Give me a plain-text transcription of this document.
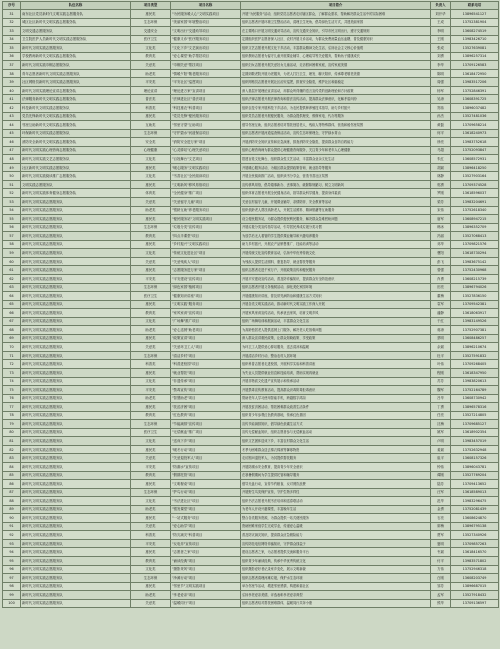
序号	队伍名称	项目类型	项目名称	项目简介	负责人	联系电话
31	南东社区党员新时代文明实践志愿服务队	惠民类	"为民服务暖人心"文明实践项目	开展"为民服务"活动，组织党员志愿者走访辖区群众，了解群众需求，帮助解决群众生活中的实际困难	刘开华	13896541127
32	城区社区新时代文明实践志愿服务队	生态环保	"美丽家园"环境整治项目	组织志愿者开展环境卫生整治活动，清理卫生死角，倡导绿色生活方式，共建美丽家园	王成	13752381904
33	文明交通志愿服务队	交通安全	"文明出行"交通劝导项目	在主要路口开展文明交通劝导活动，宣传交通安全知识，引导市民文明出行，遵守交通规则	李明	13608274519
34	卫生院医护人员新时代文明实践志愿服务队	医疗卫生	"健康义诊"医疗服务项目	定期组织医护志愿者深入社区、农村开展义诊活动，为群众免费测量血压血糖，普及健康知识	王刚	13983426710
35	新时代文明实践志愿服务队	文化类	"文化下乡"文艺演出项目	组织文艺志愿者开展文化下乡活动，丰富群众精神文化生活，弘扬社会主义核心价值观	张成	13527639081
36	学校教师新时代文明实践志愿服务队	教育类	"爱心课堂"助学帮扶项目	组织教师志愿者为留守儿童开展课业辅导、心理疏导等关爱服务，帮助孩子健康成长	刘勇	13896257314
37	新时代文明实践巾帼志愿服务队	关爱类	"巾帼关爱"帮扶项目	组织妇女志愿者开展关爱妇女儿童活动，走访慰问困难家庭，宣传家庭美德	李华	13709126583
38	青年志愿者新时代文明实践志愿服务队	助老类	"情暖夕阳"敬老服务项目	定期到敬老院开展为老服务，为老人打扫卫生、理发、聊天陪伴，传承尊老敬老美德	陈明	13618472950
39	社区网格员新时代文明实践志愿服务队	平安类	"平安社区"巡逻项目	组织网格员志愿者开展社区治安巡逻，排查安全隐患，维护社区和谐稳定	周强	13983517206
40	新时代文明实践理论宣讲志愿服务队	理论宣讲	"理论进万家"宣讲项目	深入基层开展理论宣讲活动，用群众听得懂的语言宣传党的创新理论和方针政策	杨军	13752846391
41	法律服务新时代文明实践志愿服务队	普法类	"法律进社区"普法项目	组织法律志愿者开展法律咨询和普法宣传活动，提高群众法律意识，化解矛盾纠纷	吴涛	13608391725
42	科技新时代文明实践志愿服务队	科普类	"科技惠农"科普项目	组织农技专家开展科技下乡活动，为农民提供种养殖技术指导，助力乡村振兴	郑伟	13896037482
43	党员先锋新时代文明实践志愿服务队	惠民类	"党员先锋"便民服务项目	组织党员志愿者开展便民服务，为群众提供理发、维修家电、代办等服务	孙杰	13527481036
44	邻里互助新时代文明实践志愿服务队	互助类	"邻里守望"互助项目	倡导邻里互助，组织志愿者结对帮扶独居老人、残疾人等特殊群体，营造和睦邻里氛围	黄磊	13709658214
45	环保新时代文明实践志愿服务队	生态环保	"守护碧水"河道保洁项目	组织志愿者开展河道巡查保洁活动，宣传生态环保理念，守护绿水青山	何平	13618240973
46	消防安全新时代文明实践志愿服务队	安全类	"消防安全进万家"项目	开展消防安全知识宣传和应急演练，排查消防安全隐患，提高群众自防自救能力	徐亮	13983752618
47	新时代文明实践心理咨询志愿服务队	心理健康	"心灵驿站"心理关爱项目	组织心理咨询师为群众提供心理健康咨询服务，关注青少年和老年人心理健康	马超	13752093847
48	新时代文明实践文艺志愿服务队	文化类	"百姓舞台"文艺项目	搭建百姓文化舞台，组织群众性文艺活动，丰富群众业余文化生活	朱红	13608572931
49	社区新时代文明实践志愿服务队	惠民类	"暖心服务"文明实践项目	开展暖心服务活动，为辖区群众提供政策咨询、就业指导等服务	胡斌	13896418250
50	新时代文明实践阅读推广志愿服务队	文化类	"书香社区"全民阅读项目	开展全民阅读推广活动，组织读书分享会，营造书香社区氛围	林静	13527903164
51	文明实践志愿服务队	惠民类	"文明新风"移风易俗项目	宣传移风易俗，倡导婚事新办、丧事简办，破除陈规陋习，树立文明新风	郭勇	13709374528
52	新时代文明实践体育健身志愿服务队	体育类	"全民健身"推广项目	组织体育志愿者开展全民健身活动，指导群众科学健身，提高身体素质	罗刚	13618596037
53	新时代文明实践志愿服务队	关爱类	"关爱留守儿童"项目	关爱农村留守儿童，开展课业辅导、亲情陪伴、安全教育等活动	梁芳	13983204691
54	新时代文明实践志愿服务队	助老类	"银龄互助"养老服务项目	组织低龄老人帮扶高龄老人，开展生活照料、精神慰藉等互助服务	宋伟	13752618340
55	新时代文明实践志愿服务队	惠民类	"便民服务站"文明实践项目	设立便民服务站，为群众提供便民利民服务，解决群众急难愁盼问题	唐军	13608947215
56	新时代文明实践志愿服务队	生态环保	"垃圾分类"宣传项目	开展垃圾分类宣传指导活动，引导居民养成垃圾分类习惯	韩冰	13896352709
57	新时代文明实践志愿服务队	教育类	"四点半课堂"项目	为放学后无人看管的学生提供课业辅导和兴趣培养服务	冯丽	13527068413
58	新时代文明实践志愿服务队	惠民类	"乡村振兴"文明实践项目	助力乡村振兴，开展农产品销售推广、技能培训等活动	邓华	13709821576
59	新时代文明实践志愿服务队	文化类	"传统文化进社区"项目	开展传统文化宣传教育活动，弘扬中华优秀传统文化	曹阳	13618730294
60	新时代文明实践志愿服务队	关爱类	"关爱残疾人"项目	为残疾人提供生活照料、康复指导、就业帮扶等服务	彭飞	13983675142
61	新时代文明实践志愿服务队	惠民类	"志愿服务进万家"项目	组织志愿者走进千家万户，开展政策宣传和便民服务	曾强	13752430968
62	新时代文明实践志愿服务队	平安类	"平安建设"宣传项目	开展平安建设宣传活动，普及防诈骗知识，提高群众安全防范意识	肖勇	13608215739
63	新时代文明实践志愿服务队	生态环保	"绿色家园"植树项目	组织志愿者开展义务植树活动，绿化美化家园环境	田亮	13896794026
64	新时代文明实践志愿服务队	医疗卫生	"健康知识讲座"项目	开展健康知识讲座，普及常见病防治和健康生活方式知识	董梅	13527836150
65	新时代文明实践志愿服务队	惠民类	"文明实践"服务项目	开展各类文明实践活动，推动新时代文明实践工作深入开展	袁军	13709542381
66	新时代文明实践志愿服务队	教育类	"家风家训"宣传项目	开展家风家训宣传活动，传承优良家风，培育文明乡风	潘静	13618063917
67	新时代文明实践志愿服务队	文化类	"广场舞"推广项目	组织广场舞培训和展演活动，丰富群众文化生活	于红	13983149526
68	新时代文明实践志愿服务队	助老类	"爱心送餐"助老项目	为高龄独居老人提供送餐上门服务，解决老人吃饭难问题	蒋涛	13752907381
69	新时代文明实践志愿服务队	惠民类	"政策宣讲"项目	深入群众宣讲惠民政策，让群众知晓政策、享受政策	蔡明	13608486257
70	新时代文明实践志愿服务队	关爱类	"关爱环卫工人"项目	为环卫工人提供爱心驿站服务，送去清凉和温暖	余斌	13896210674
71	新时代文明实践志愿服务队	生态环保	"清洁乡村"项目	开展清洁乡村行动，整治农村人居环境	杜平	13527591832
72	新时代文明实践志愿服务队	科普类	"科普进校园"项目	组织科普志愿者走进校园，开展科学实验和科普讲座	叶伟	13709268405
73	新时代文明实践志愿服务队	惠民类	"就业帮扶"项目	为失业人员提供就业信息和技能培训，帮助实现再就业	程刚	13618347950
74	新时代文明实践志愿服务队	文化类	"非遗传承"项目	开展非物质文化遗产宣传展示和传承活动	苏芳	13983820613
75	新时代文明实践志愿服务队	平安类	"禁毒宣传"项目	开展禁毒宣传教育活动，提高群众识毒防毒拒毒意识	魏军	13752164789
76	新时代文明实践志愿服务队	助老类	"智慧助老"项目	帮助老年人学习使用智能手机，跨越数字鸿沟	吕华	13608730942
77	新时代文明实践志愿服务队	惠民类	"扶贫济困"项目	开展扶贫济困活动，帮扶困难群众改善生活条件	丁勇	13896578316
78	新时代文明实践志愿服务队	教育类	"红色教育"项目	组织青少年参观红色教育基地，传承红色基因	任亮	13527214805
79	新时代文明实践志愿服务队	生态环保	"节能减排"宣传项目	宣传节能减排知识，倡导绿色低碳生活方式	沈梅	13709685127
80	新时代文明实践志愿服务队	医疗卫生	"无偿献血"推广项目	宣传无偿献血知识，组织志愿者参与无偿献血活动	姚军	13618902354
81	新时代文明实践志愿服务队	文化类	"送戏下乡"项目	组织文艺团体送戏下乡，丰富农村群众文化生活	卢明	13983457019
82	新时代文明实践志愿服务队	惠民类	"暖冬行动"项目	冬季为困难群众送去棉衣棉被等御寒物资	姜斌	13752632948
83	新时代文明实践志愿服务队	关爱类	"关爱退役军人"项目	走访慰问退役军人，为其提供帮扶服务	崔平	13608157326
84	新时代文明实践志愿服务队	平安类	"防溺水"宣传项目	开展防溺水安全教育，提高青少年安全意识	钟伟	13896043781
85	新时代文明实践志愿服务队	教育类	"假期托管"项目	在寒暑假期间为学生提供托管和辅导服务	谭刚	13527769204
86	新时代文明实践志愿服务队	惠民类	"文明餐桌"项目	倡导光盘行动，宣传节约粮食，反对餐饮浪费	陆芳	13709413652
87	新时代文明实践志愿服务队	生态环保	"护鸟行动"项目	开展野生鸟类保护宣传，守护生物多样性	汪军	13618589013
88	新时代文明实践志愿服务队	文化类	"书法进社区"项目	组织书法志愿者开展书法培训和送春联活动	范华	13983296475
89	新时代文明实践志愿服务队	助老类	"银发课堂"项目	为老年人开设兴趣课堂，丰富晚年生活	金勇	13752081439
90	新时代文明实践志愿服务队	惠民类	"一站式服务"项目	整合各类服务资源，为群众提供一站式便民服务	石亮	13608624870
91	新时代文明实践志愿服务队	关爱类	"爱心助学"项目	资助困难家庭学生完成学业，传递爱心温暖	廖梅	13896795138
92	新时代文明实践志愿服务队	科普类	"防灾减灾"科普项目	普及防灾减灾知识，提高群众应急避险能力	贾军	13527340926
93	新时代文明实践志愿服务队	平安类	"反电诈"宣传项目	宣传防范电信网络诈骗知识，守护群众钱袋子	夏明	13709857263
94	新时代文明实践志愿服务队	惠民类	"志愿者之家"项目	建设志愿者之家，为志愿者提供交流和服务平台	韦斌	13618416570
95	新时代文明实践志愿服务队	教育类	"诵读经典"项目	组织青少年诵读经典，传承中华优秀传统文化	付平	13983571802
96	新时代文明实践志愿服务队	文化类	"摄影采风"项目	组织摄影爱好者记录家乡变化，展示文明新貌	方伟	13752946318
97	新时代文明实践志愿服务队	生态环保	"净滩行动"项目	组织志愿者清理河滩垃圾，保护水生态环境	白刚	13608203749
98	新时代文明实践志愿服务队	惠民类	"邻里节"文明实践项目	举办邻里节活动，增进邻里感情，构建和谐社区	邹芳	13896687015
99	新时代文明实践志愿服务队	助老类	"孝老爱亲"项目	弘扬孝老爱亲美德，评选表彰孝老爱亲典型	孟军	13527918432
100	新时代文明实践志愿服务队	关爱类	"温暖同行"项目	组织志愿者结对帮扶困难群体，温暖同行共奔小康	熊华	13709136597
